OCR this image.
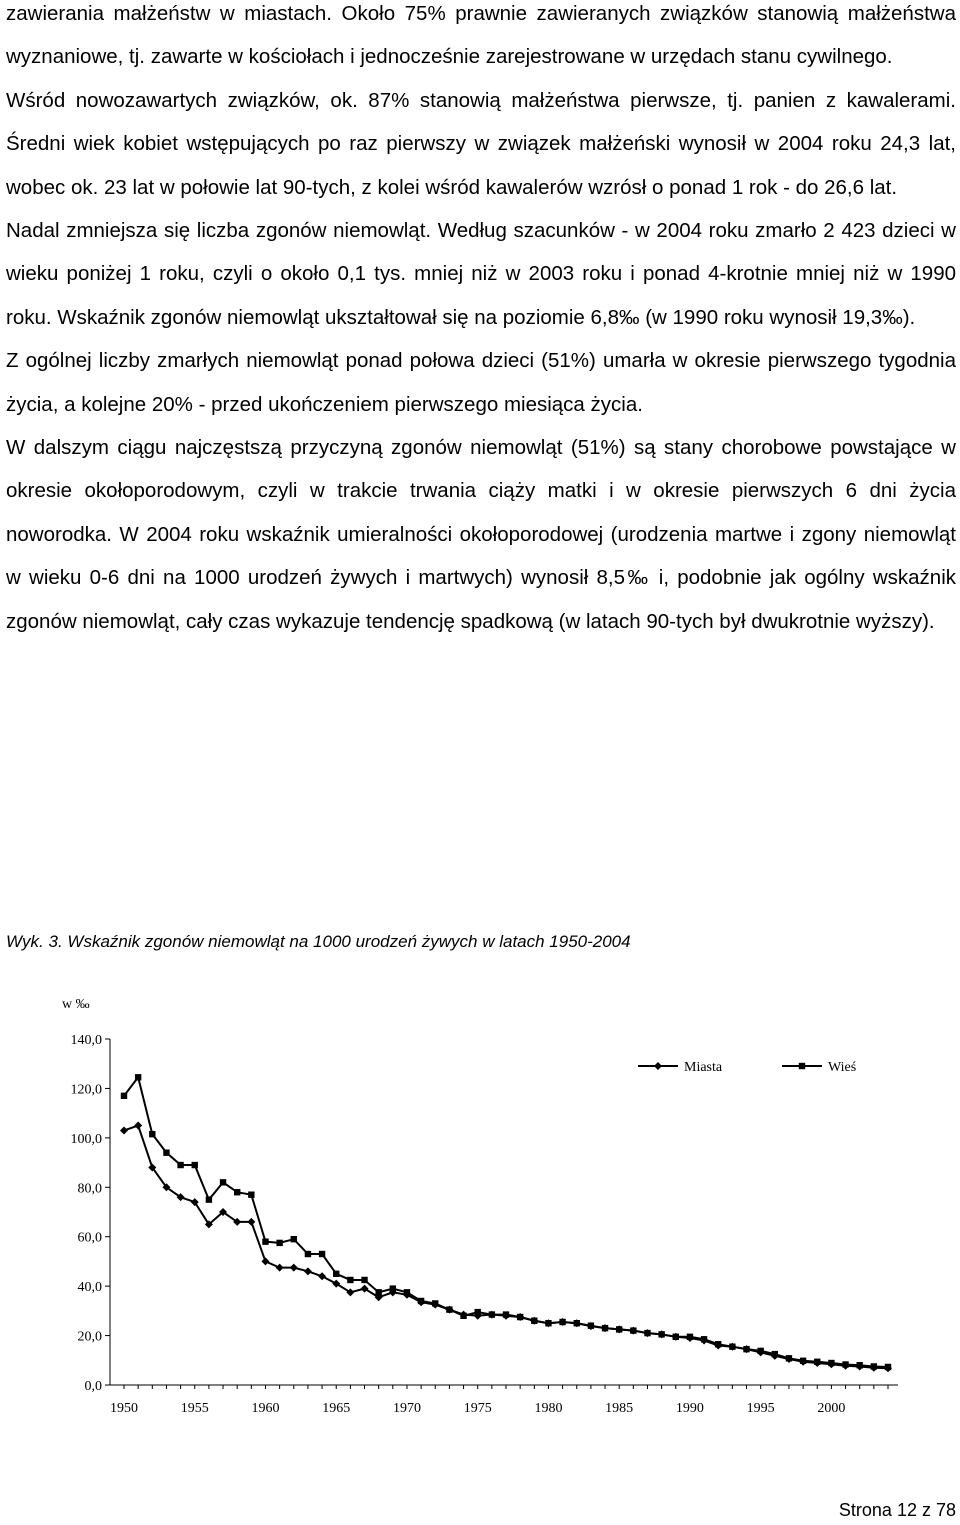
zawierania małżeństw w miastach. Około 75% prawnie zawieranych związków stanowią małżeństwa wyznaniowe, tj. zawarte w kościołach i jednocześnie zarejestrowane w urzędach stanu cywilnego.

Wśród nowozawartych związków, ok. 87% stanowią małżeństwa pierwsze, tj. panien z kawalerami. Średni wiek kobiet wstępujących po raz pierwszy w związek małżeński wynosił w 2004 roku 24,3 lat, wobec ok. 23 lat w połowie lat 90-tych, z kolei wśród kawalerów wzrósł o ponad 1 rok - do 26,6 lat.

Nadal zmniejsza się liczba zgonów niemowląt. Według szacunków - w 2004 roku zmarło 2 423 dzieci w wieku poniżej 1 roku, czyli o około 0,1 tys. mniej niż w 2003 roku i ponad 4-krotnie mniej niż w 1990 roku. Wskaźnik zgonów niemowląt ukształtował się na poziomie 6,8‰ (w 1990 roku wynosił 19,3‰).

Z ogólnej liczby zmarłych niemowląt ponad połowa dzieci (51%) umarła w okresie pierwszego tygodnia życia, a kolejne 20% - przed ukończeniem pierwszego miesiąca życia.

W dalszym ciągu najczęstszą przyczyną zgonów niemowląt (51%) są stany chorobowe powstające w okresie okołoporodowym, czyli w trakcie trwania ciąży matki i w okresie pierwszych 6 dni życia noworodka. W 2004 roku wskaźnik umieralności okołoporodowej (urodzenia martwe i zgony niemowląt w wieku 0-6 dni na 1000 urodzeń żywych i martwych) wynosił 8,5‰ i, podobnie jak ogólny wskaźnik zgonów niemowląt, cały czas wykazuje tendencję spadkową (w latach 90-tych był dwukrotnie wyższy).

Wyk. 3. Wskaźnik zgonów niemowląt na 1000 urodzeń żywych w latach 1950-2004
w ‰
0,0
20,0
40,0
60,0
80,0
100,0
120,0
140,0
1950	1955	1960	1965	1970	1975	1980	1985	1990	1995	2000
Miasta	Wieś
Strona 12 z 78
